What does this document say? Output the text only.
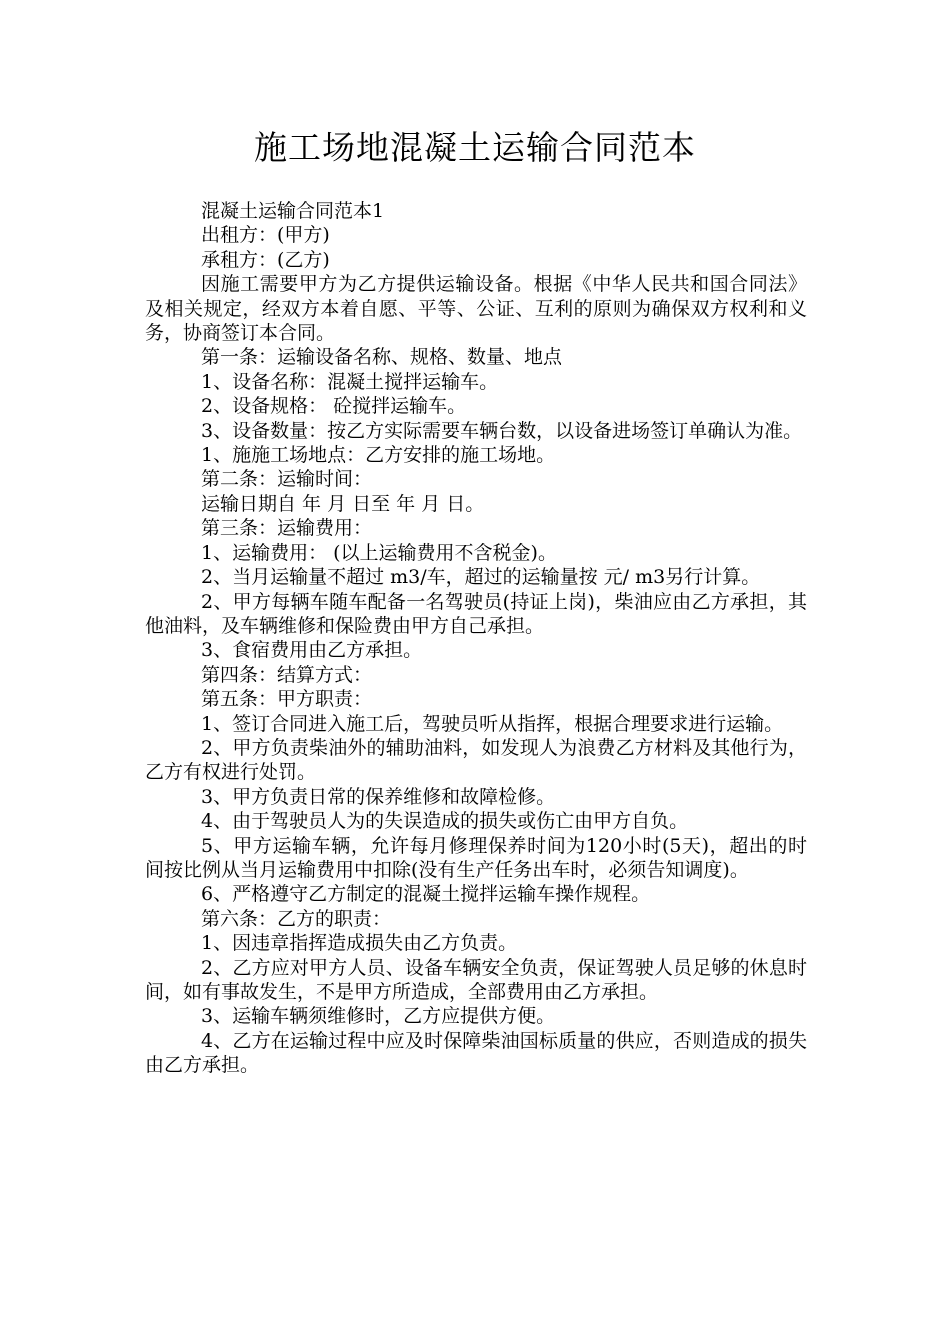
施工场地混凝土运输合同范本

混凝土运输合同范本1

出租方：(甲方)

承租方：(乙方)

因施工需要甲方为乙方提供运输设备。根据《中华人民共和国合同法》及相关规定，经双方本着自愿、平等、公证、互利的原则为确保双方权利和义务，协商签订本合同。

第一条：运输设备名称、规格、数量、地点

1、设备名称：混凝土搅拌运输车。

2、设备规格： 砼搅拌运输车。

3、设备数量：按乙方实际需要车辆台数，以设备进场签订单确认为准。

1、施施工场地点：乙方安排的施工场地。

第二条：运输时间：

运输日期自 年 月 日至 年 月 日。

第三条：运输费用：

1、运输费用： (以上运输费用不含税金)。

2、当月运输量不超过 m3/车，超过的运输量按 元/ m3另行计算。

2、甲方每辆车随车配备一名驾驶员(持证上岗)，柴油应由乙方承担，其他油料，及车辆维修和保险费由甲方自己承担。

3、食宿费用由乙方承担。

第四条：结算方式：

第五条：甲方职责：

1、签订合同进入施工后，驾驶员听从指挥，根据合理要求进行运输。

2、甲方负责柴油外的辅助油料，如发现人为浪费乙方材料及其他行为，乙方有权进行处罚。

3、甲方负责日常的保养维修和故障检修。

4、由于驾驶员人为的失误造成的损失或伤亡由甲方自负。

5、甲方运输车辆，允许每月修理保养时间为120小时(5天)，超出的时间按比例从当月运输费用中扣除(没有生产任务出车时，必须告知调度)。

6、严格遵守乙方制定的混凝土搅拌运输车操作规程。

第六条：乙方的职责：

1、因违章指挥造成损失由乙方负责。

2、乙方应对甲方人员、设备车辆安全负责，保证驾驶人员足够的休息时间，如有事故发生，不是甲方所造成，全部费用由乙方承担。

3、运输车辆须维修时，乙方应提供方便。

4、乙方在运输过程中应及时保障柴油国标质量的供应，否则造成的损失由乙方承担。
